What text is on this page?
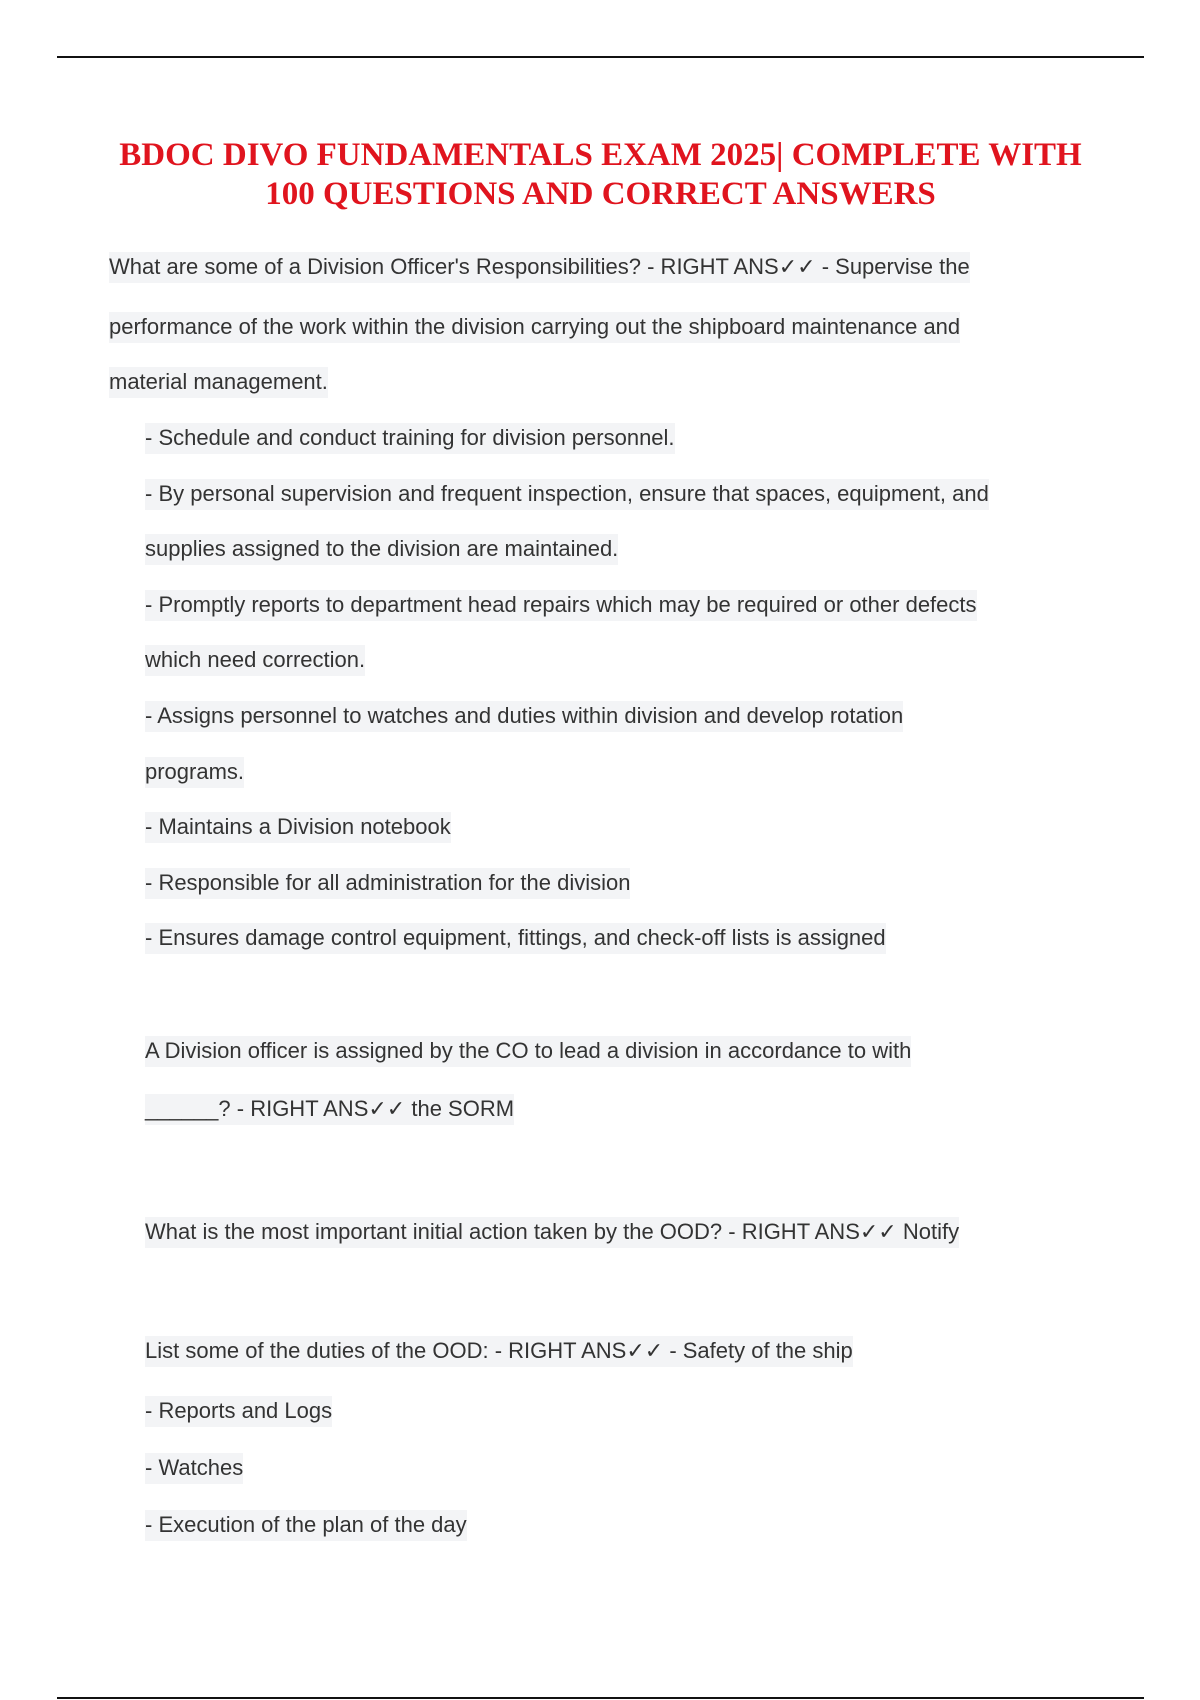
BDOC DIVO FUNDAMENTALS EXAM 2025| COMPLETE WITH
100 QUESTIONS AND CORRECT ANSWERS

What are some of a Division Officer's Responsibilities? - RIGHT ANS✓✓ - Supervise the

performance of the work within the division carrying out the shipboard maintenance and

material management.

- Schedule and conduct training for division personnel.

- By personal supervision and frequent inspection, ensure that spaces, equipment, and

supplies assigned to the division are maintained.

- Promptly reports to department head repairs which may be required or other defects

which need correction.

- Assigns personnel to watches and duties within division and develop rotation

programs.

- Maintains a Division notebook

- Responsible for all administration for the division

- Ensures damage control equipment, fittings, and check-off lists is assigned

A Division officer is assigned by the CO to lead a division in accordance to with

______? - RIGHT ANS✓✓ the SORM

What is the most important initial action taken by the OOD? - RIGHT ANS✓✓ Notify

List some of the duties of the OOD: - RIGHT ANS✓✓ - Safety of the ship

- Reports and Logs

- Watches

- Execution of the plan of the day
